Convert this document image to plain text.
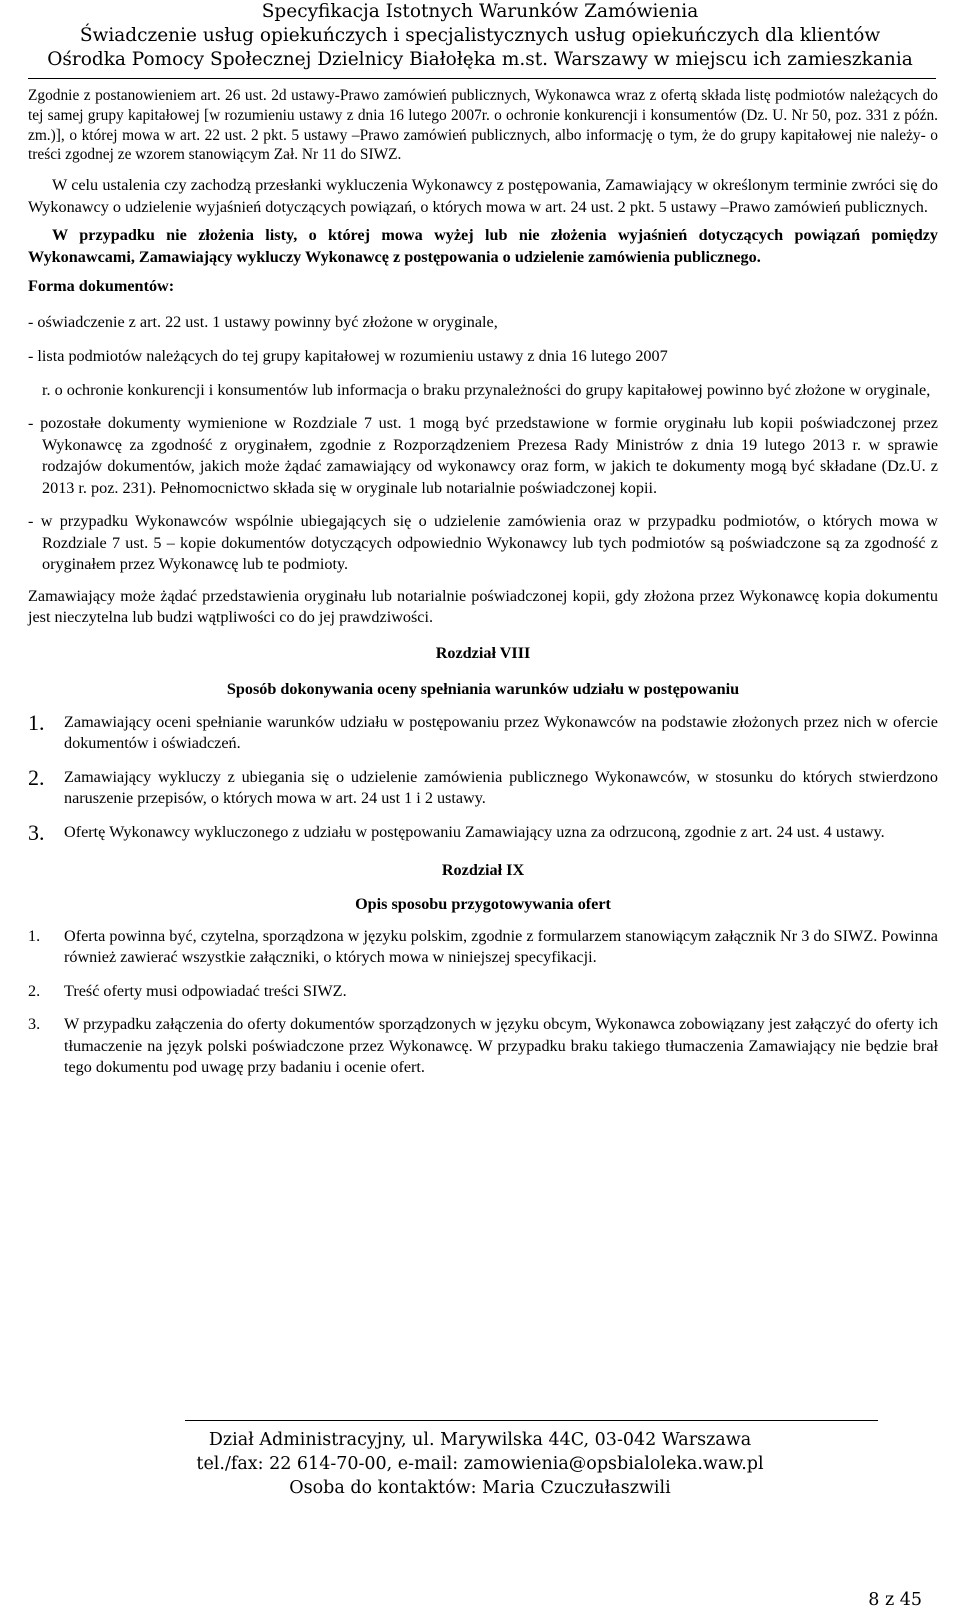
Specyfikacja Istotnych Warunków Zamówienia
Świadczenie usług opiekuńczych i specjalistycznych usług opiekuńczych dla klientów
Ośrodka Pomocy Społecznej Dzielnicy Białołęka m.st. Warszawy w miejscu ich zamieszkania

Zgodnie z postanowieniem art. 26 ust. 2d ustawy-Prawo zamówień publicznych, Wykonawca wraz z ofertą składa listę podmiotów należących do tej samej grupy kapitałowej [w rozumieniu ustawy z dnia 16 lutego 2007r. o ochronie konkurencji i konsumentów (Dz. U. Nr 50, poz. 331 z późn. zm.)], o której mowa w art. 22 ust. 2 pkt. 5 ustawy –Prawo zamówień publicznych, albo informację o tym, że do grupy kapitałowej nie należy- o treści zgodnej ze wzorem stanowiącym Zał. Nr 11 do SIWZ.

W celu ustalenia czy zachodzą przesłanki wykluczenia Wykonawcy z postępowania, Zamawiający w określonym terminie zwróci się do Wykonawcy o udzielenie wyjaśnień dotyczących powiązań, o których mowa w art. 24 ust. 2 pkt. 5 ustawy –Prawo zamówień publicznych.

W przypadku nie złożenia listy, o której mowa wyżej lub nie złożenia wyjaśnień dotyczących powiązań pomiędzy Wykonawcami, Zamawiający wykluczy Wykonawcę z postępowania o udzielenie zamówienia publicznego.

Forma dokumentów:

- oświadczenie z art. 22 ust. 1 ustawy powinny być złożone w oryginale,

- lista podmiotów należących do tej grupy kapitałowej w rozumieniu ustawy z dnia 16 lutego 2007

r. o ochronie konkurencji i konsumentów lub informacja o braku przynależności do grupy kapitałowej powinno być złożone w oryginale,

- pozostałe dokumenty wymienione w Rozdziale 7 ust. 1 mogą być przedstawione w formie oryginału lub kopii poświadczonej przez Wykonawcę za zgodność z oryginałem, zgodnie z Rozporządzeniem Prezesa Rady Ministrów z dnia 19 lutego 2013 r. w sprawie rodzajów dokumentów, jakich może żądać zamawiający od wykonawcy oraz form, w jakich te dokumenty mogą być składane (Dz.U. z 2013 r. poz. 231). Pełnomocnictwo składa się w oryginale lub notarialnie poświadczonej kopii.

- w przypadku Wykonawców wspólnie ubiegających się o udzielenie zamówienia oraz w przypadku podmiotów, o których mowa w Rozdziale 7 ust. 5 – kopie dokumentów dotyczących odpowiednio Wykonawcy lub tych podmiotów są poświadczone są za zgodność z oryginałem przez Wykonawcę lub te podmioty.

Zamawiający może żądać przedstawienia oryginału lub notarialnie poświadczonej kopii, gdy złożona przez Wykonawcę kopia dokumentu jest nieczytelna lub budzi wątpliwości co do jej prawdziwości.

Rozdział VIII

Sposób dokonywania oceny spełniania warunków udziału w postępowaniu

1.	Zamawiający oceni spełnianie warunków udziału w postępowaniu przez Wykonawców na podstawie złożonych przez nich w ofercie dokumentów i oświadczeń.
2.	Zamawiający wykluczy z ubiegania się o udzielenie zamówienia publicznego Wykonawców, w stosunku do których stwierdzono naruszenie przepisów, o których mowa w art. 24 ust 1 i 2 ustawy.
3.	Ofertę Wykonawcy wykluczonego z udziału w postępowaniu Zamawiający uzna za odrzuconą, zgodnie z art. 24 ust. 4 ustawy.

Rozdział IX

Opis sposobu przygotowywania ofert

1.	Oferta powinna być, czytelna, sporządzona w języku polskim, zgodnie z formularzem stanowiącym załącznik Nr 3 do SIWZ. Powinna również zawierać wszystkie załączniki, o których mowa w niniejszej specyfikacji.
2.	Treść oferty musi odpowiadać treści SIWZ.
3.	W przypadku załączenia do oferty dokumentów sporządzonych w języku obcym, Wykonawca zobowiązany jest załączyć do oferty ich tłumaczenie na język polski poświadczone przez Wykonawcę. W przypadku braku takiego tłumaczenia Zamawiający nie będzie brał tego dokumentu pod uwagę przy badaniu i ocenie ofert.
Dział Administracyjny, ul. Marywilska 44C, 03-042 Warszawa
tel./fax: 22 614-70-00, e-mail: zamowienia@opsbialoleka.waw.pl
Osoba do kontaktów: Maria Czuczułaszwili
8 z 45
